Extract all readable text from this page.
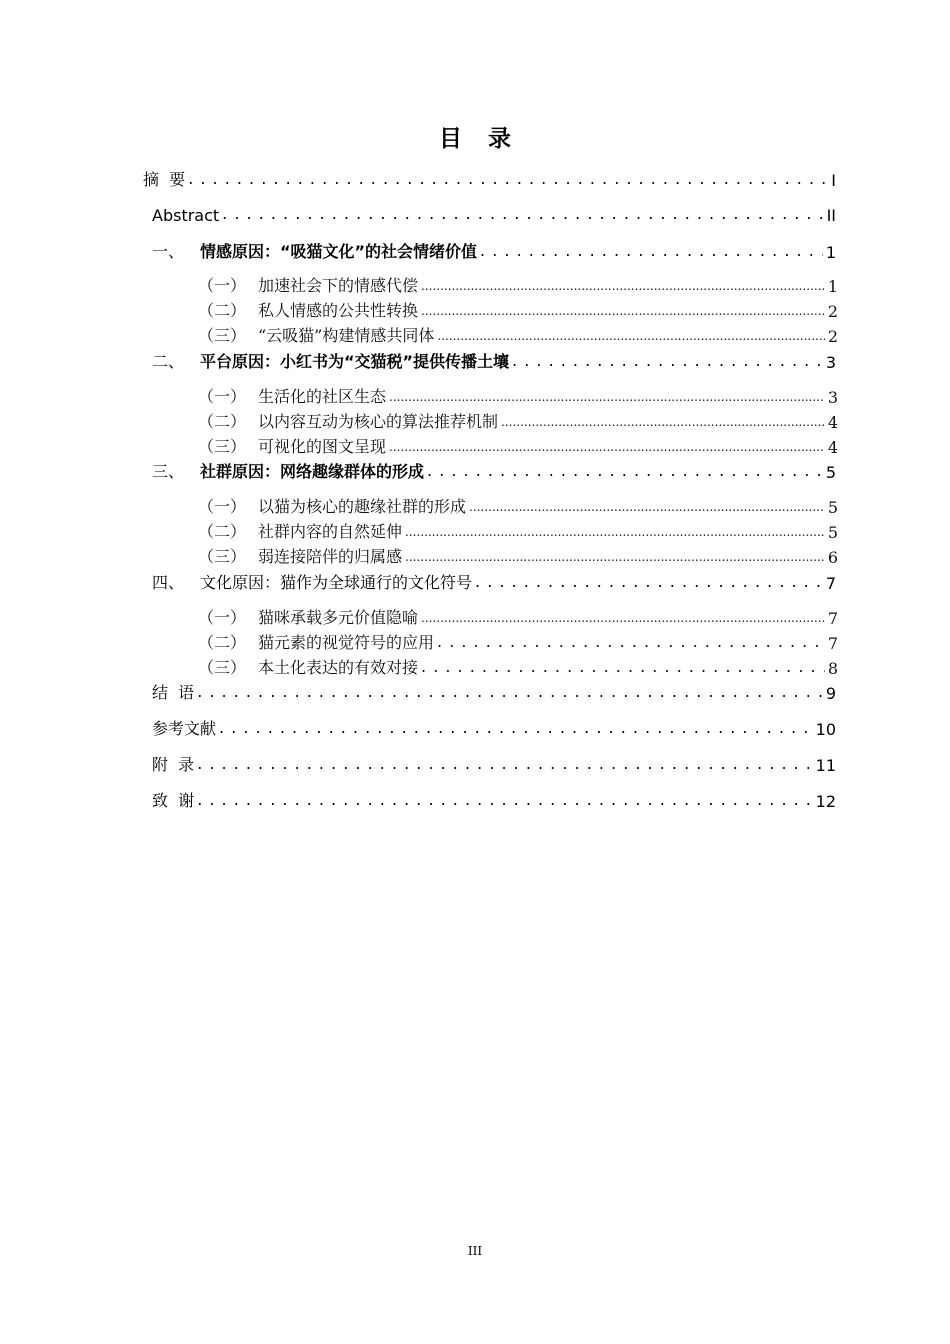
目录
摘  要 . . .	I
Abstract . . .	II
一、 情感原因：“吸猫文化”的社会情绪价值 . . .	1
（一） 加速社会下的情感代偿 .....	1
（二） 私人情感的公共性转换 .....	2
（三） “云吸猫”构建情感共同体 .....	2
二、 平台原因：小红书为“交猫税”提供传播土壤 . . .	3
（一） 生活化的社区生态 .....	3
（二） 以内容互动为核心的算法推荐机制 .....	4
（三） 可视化的图文呈现 .....	4
三、 社群原因：网络趣缘群体的形成 . . .	5
（一） 以猫为核心的趣缘社群的形成 .....	5
（二） 社群内容的自然延伸 .....	5
（三） 弱连接陪伴的归属感 .....	6
四、 文化原因：猫作为全球通行的文化符号 . . .	7
（一） 猫咪承载多元价值隐喻 .....	7
（二） 猫元素的视觉符号的应用 . . .	7
（三） 本土化表达的有效对接 . . .	8
结  语 . . .	9
参考文献 . . .	10
附  录 . . .	11
致  谢 . . .	12
III
